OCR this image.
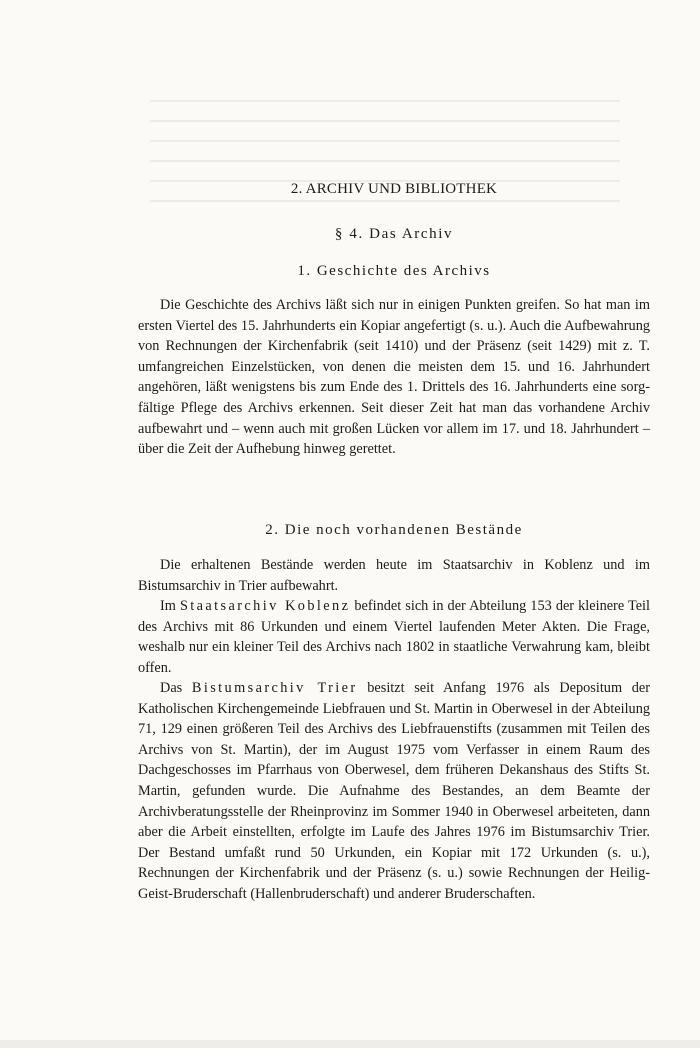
2. ARCHIV UND BIBLIOTHEK
§ 4. Das Archiv
1. Geschichte des Archivs

Die Geschichte des Archivs läßt sich nur in einigen Punkten greifen. So hat man im ersten Viertel des 15. Jahrhunderts ein Kopiar angefertigt (s. u.). Auch die Aufbewahrung von Rechnungen der Kirchenfabrik (seit 1410) und der Präsenz (seit 1429) mit z. T. umfangreichen Einzelstücken, von denen die meisten dem 15. und 16. Jahrhundert angehören, läßt wenigstens bis zum Ende des 1. Drittels des 16. Jahrhunderts eine sorgfältige Pflege des Archivs erkennen. Seit dieser Zeit hat man das vorhandene Archiv aufbewahrt und – wenn auch mit großen Lücken vor allem im 17. und 18. Jahrhundert – über die Zeit der Aufhebung hinweg gerettet.

2. Die noch vorhandenen Bestände

Die erhaltenen Bestände werden heute im Staatsarchiv in Koblenz und im Bistumsarchiv in Trier aufbewahrt.

Im Staatsarchiv Koblenz befindet sich in der Abteilung 153 der kleinere Teil des Archivs mit 86 Urkunden und einem Viertel laufenden Meter Akten. Die Frage, weshalb nur ein kleiner Teil des Archivs nach 1802 in staatliche Verwahrung kam, bleibt offen.

Das Bistumsarchiv Trier besitzt seit Anfang 1976 als Depositum der Katholischen Kirchengemeinde Liebfrauen und St. Martin in Oberwesel in der Abteilung 71, 129 einen größeren Teil des Archivs des Liebfrauenstifts (zusammen mit Teilen des Archivs von St. Martin), der im August 1975 vom Verfasser in einem Raum des Dachgeschosses im Pfarrhaus von Oberwesel, dem früheren Dekanshaus des Stifts St. Martin, gefunden wurde. Die Aufnahme des Bestandes, an dem Beamte der Archivberatungsstelle der Rheinprovinz im Sommer 1940 in Oberwesel arbeiteten, dann aber die Arbeit einstellten, erfolgte im Laufe des Jahres 1976 im Bistumsarchiv Trier. Der Bestand umfaßt rund 50 Urkunden, ein Kopiar mit 172 Urkunden (s. u.), Rechnungen der Kirchenfabrik und der Präsenz (s. u.) sowie Rechnungen der Heilig-Geist-Bruderschaft (Hallenbruderschaft) und anderer Bruderschaften.
